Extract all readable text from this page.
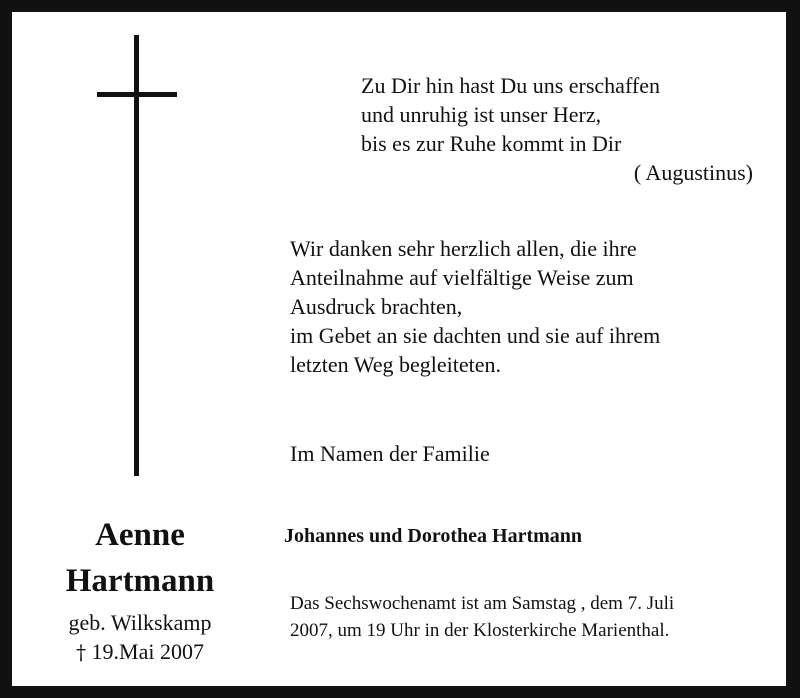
Zu Dir hin hast Du uns erschaffen
und unruhig ist unser Herz,
bis es zur Ruhe kommt in Dir
( Augustinus)
Wir danken sehr herzlich allen, die ihre
Anteilnahme auf vielfältige Weise zum
Ausdruck brachten,
im Gebet an sie dachten und sie auf ihrem
letzten Weg begleiteten.
Im Namen der Familie
Johannes und Dorothea Hartmann
Aenne
Hartmann
geb. Wilkskamp
† 19.Mai 2007
Das Sechswochenamt ist am Samstag , dem 7. Juli
2007, um 19 Uhr in der Klosterkirche Marienthal.
